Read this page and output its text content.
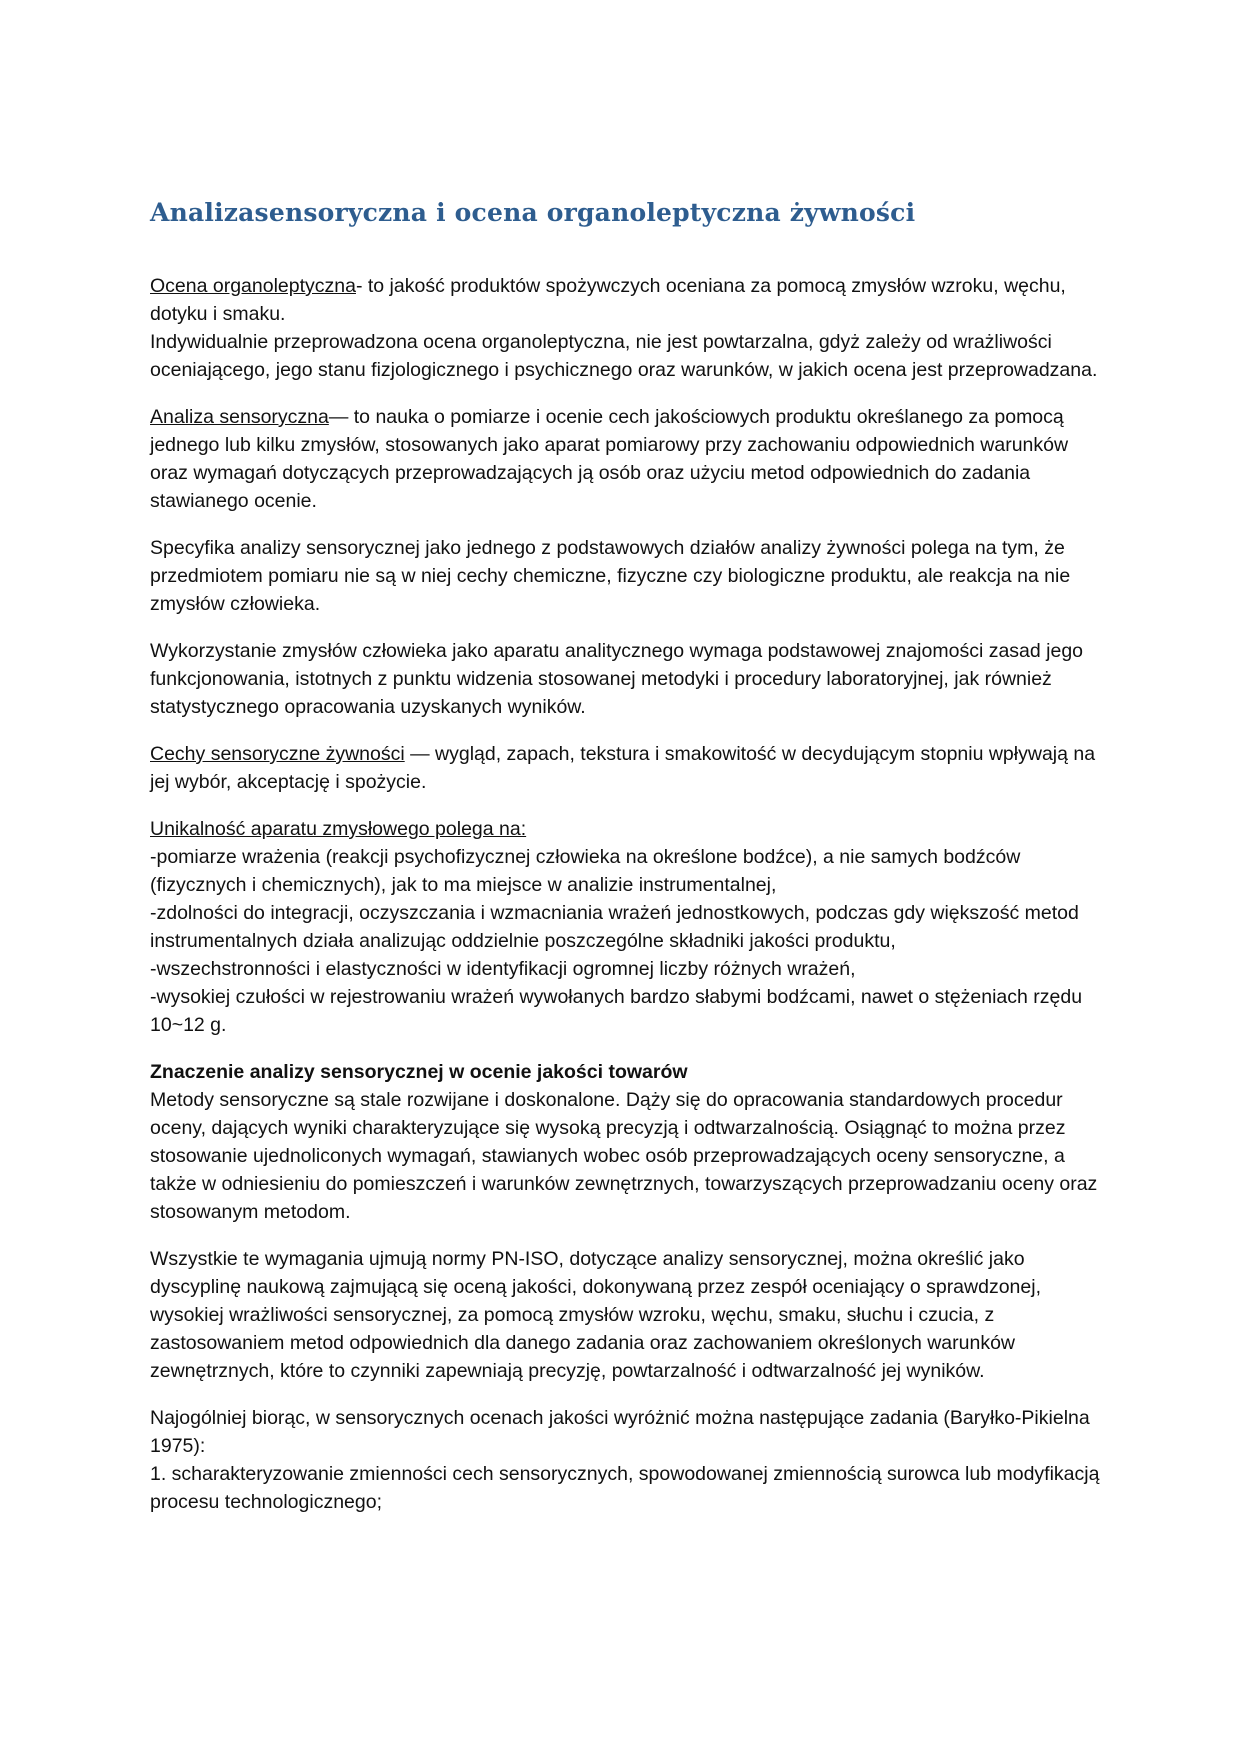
Analizasensoryczna i ocena organoleptyczna żywności

Ocena organoleptyczna- to jakość produktów spożywczych oceniana za pomocą zmysłów wzroku, węchu, dotyku i smaku.
Indywidualnie przeprowadzona ocena organoleptyczna, nie jest powtarzalna, gdyż zależy od wrażliwości oceniającego, jego stanu fizjologicznego i psychicznego oraz warunków, w jakich ocena jest przeprowadzana.

Analiza sensoryczna— to nauka o pomiarze i ocenie cech jakościowych produktu określanego za pomocą jednego lub kilku zmysłów, stosowanych jako aparat pomiarowy przy zachowaniu odpowiednich warunków oraz wymagań dotyczących przeprowadzających ją osób oraz użyciu metod odpowiednich do zadania stawianego ocenie.

Specyfika analizy sensorycznej jako jednego z podstawowych działów analizy żywności polega na tym, że przedmiotem pomiaru nie są w niej cechy chemiczne, fizyczne czy biologiczne produktu, ale reakcja na nie zmysłów człowieka.

Wykorzystanie zmysłów człowieka jako aparatu analitycznego wymaga podstawowej znajomości zasad jego funkcjonowania, istotnych z punktu widzenia stosowanej metodyki i procedury laboratoryjnej, jak również statystycznego opracowania uzyskanych wyników.

Cechy sensoryczne żywności — wygląd, zapach, tekstura i smakowitość w decydującym stopniu wpływają na jej wybór, akceptację i spożycie.

Unikalność aparatu zmysłowego polega na:
-pomiarze wrażenia (reakcji psychofizycznej człowieka na określone bodźce), a nie samych bodźców (fizycznych i chemicznych), jak to ma miejsce w analizie instrumentalnej,
-zdolności do integracji, oczyszczania i wzmacniania wrażeń jednostkowych, podczas gdy większość metod instrumentalnych działa analizując oddzielnie poszczególne składniki jakości produktu,
-wszechstronności i elastyczności w identyfikacji ogromnej liczby różnych wrażeń,
-wysokiej czułości w rejestrowaniu wrażeń wywołanych bardzo słabymi bodźcami, nawet o stężeniach rzędu 10~12 g.

Znaczenie analizy sensorycznej w ocenie jakości towarów
Metody sensoryczne są stale rozwijane i doskonalone. Dąży się do opracowania standardowych procedur oceny, dających wyniki charakteryzujące się wysoką precyzją i odtwarzalnością. Osiągnąć to można przez stosowanie ujednoliconych wymagań, stawianych wobec osób przeprowadzających oceny sensoryczne, a także w odniesieniu do pomieszczeń i warunków zewnętrznych, towarzyszących przeprowadzaniu oceny oraz stosowanym metodom.

Wszystkie te wymagania ujmują normy PN-ISO, dotyczące analizy sensorycznej, można określić jako dyscyplinę naukową zajmującą się oceną jakości, dokonywaną przez zespół oceniający o sprawdzonej, wysokiej wrażliwości sensorycznej, za pomocą zmysłów wzroku, węchu, smaku, słuchu i czucia, z zastosowaniem metod odpowiednich dla danego zadania oraz zachowaniem określonych warunków zewnętrznych, które to czynniki zapewniają precyzję, powtarzalność i odtwarzalność jej wyników.

Najogólniej biorąc, w sensorycznych ocenach jakości wyróżnić można następujące zadania (Baryłko-Pikielna 1975):
1. scharakteryzowanie zmienności cech sensorycznych, spowodowanej zmiennością surowca lub modyfikacją procesu technologicznego;
